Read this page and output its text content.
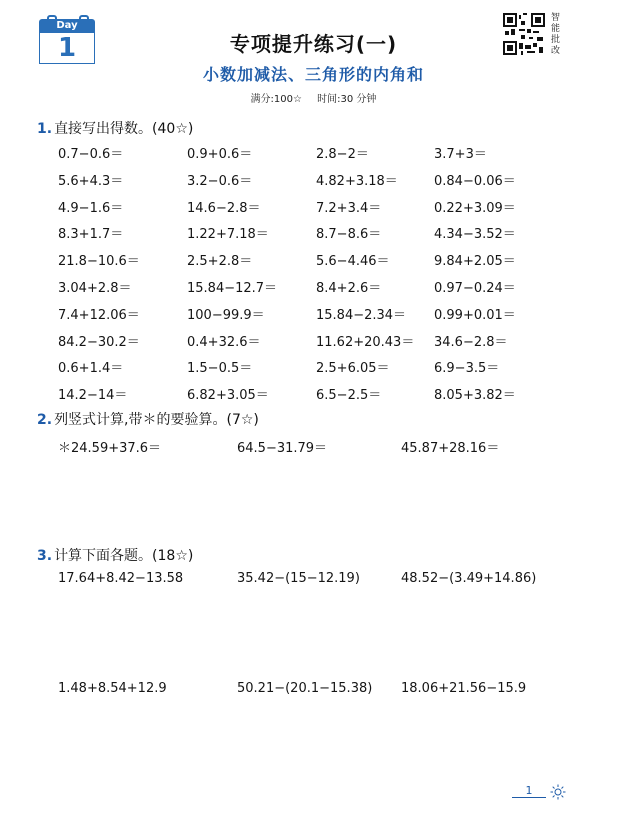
Day
1	专项提升练习(一)
小数加减法、三角形的内角和
满分:100☆ 时间:30 分钟
智能批改
1. 直接写出得数。(40☆)
0.7−0.6＝	0.9+0.6＝	2.8−2＝	3.7+3＝
5.6+4.3＝	3.2−0.6＝	4.82+3.18＝	0.84−0.06＝
4.9−1.6＝	14.6−2.8＝	7.2+3.4＝	0.22+3.09＝
8.3+1.7＝	1.22+7.18＝	8.7−8.6＝	4.34−3.52＝
21.8−10.6＝	2.5+2.8＝	5.6−4.46＝	9.84+2.05＝
3.04+2.8＝	15.84−12.7＝	8.4+2.6＝	0.97−0.24＝
7.4+12.06＝	100−99.9＝	15.84−2.34＝ 0.99+0.01＝
84.2−30.2＝	0.4+32.6＝	11.62+20.43＝ 34.6−2.8＝
0.6+1.4＝	1.5−0.5＝	2.5+6.05＝	6.9−3.5＝
14.2−14＝	6.82+3.05＝	6.5−2.5＝	8.05+3.82＝
2. 列竖式计算,带＊的要验算。(7☆)
＊24.59+37.6＝	64.5−31.79＝	45.87+28.16＝
3. 计算下面各题。(18☆)
17.64+8.42−13.58	35.42−(15−12.19)	48.52−(3.49+14.86)
1.48+8.54+12.9	50.21−(20.1−15.38) 18.06+21.56−15.9
1
